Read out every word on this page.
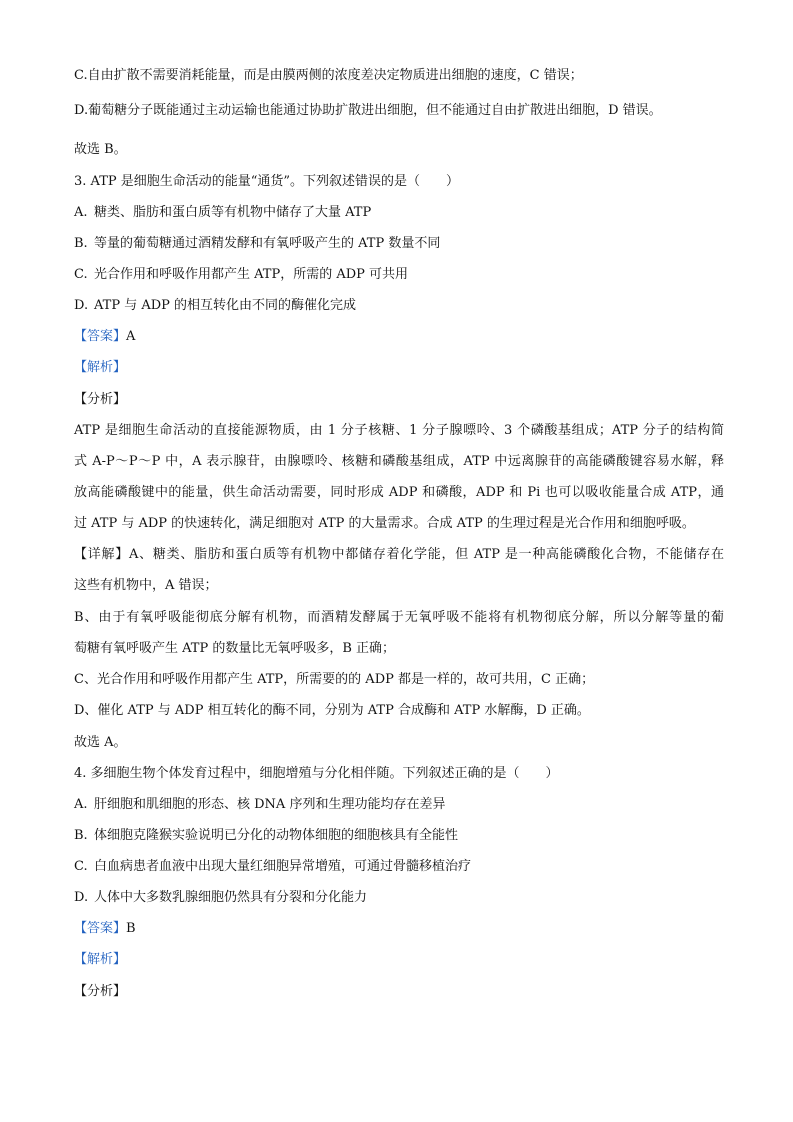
C.自由扩散不需要消耗能量，而是由膜两侧的浓度差决定物质进出细胞的速度，C 错误；
D.葡萄糖分子既能通过主动运输也能通过协助扩散进出细胞，但不能通过自由扩散进出细胞，D 错误。
故选 B。
3. ATP 是细胞生命活动的能量“通货”。下列叙述错误的是（　　）
A. 糖类、脂肪和蛋白质等有机物中储存了大量 ATP
B. 等量的葡萄糖通过酒精发酵和有氧呼吸产生的 ATP 数量不同
C. 光合作用和呼吸作用都产生 ATP，所需的 ADP 可共用
D. ATP 与 ADP 的相互转化由不同的酶催化完成
【答案】A
【解析】
【分析】
ATP 是细胞生命活动的直接能源物质，由 1 分子核糖、1 分子腺嘌呤、3 个磷酸基组成；ATP 分子的结构简
式 A-P～P～P 中，A 表示腺苷，由腺嘌呤、核糖和磷酸基组成，ATP 中远离腺苷的高能磷酸键容易水解，释
放高能磷酸键中的能量，供生命活动需要，同时形成 ADP 和磷酸，ADP 和 Pi 也可以吸收能量合成 ATP，通
过 ATP 与 ADP 的快速转化，满足细胞对 ATP 的大量需求。合成 ATP 的生理过程是光合作用和细胞呼吸。
【详解】A、糖类、脂肪和蛋白质等有机物中都储存着化学能，但 ATP 是一种高能磷酸化合物，不能储存在
这些有机物中，A 错误；
B、由于有氧呼吸能彻底分解有机物，而酒精发酵属于无氧呼吸不能将有机物彻底分解，所以分解等量的葡
萄糖有氧呼吸产生 ATP 的数量比无氧呼吸多，B 正确；
C、光合作用和呼吸作用都产生 ATP，所需要的的 ADP 都是一样的，故可共用，C 正确；
D、催化 ATP 与 ADP 相互转化的酶不同，分别为 ATP 合成酶和 ATP 水解酶，D 正确。
故选 A。
4. 多细胞生物个体发育过程中，细胞增殖与分化相伴随。下列叙述正确的是（　　）
A. 肝细胞和肌细胞的形态、核 DNA 序列和生理功能均存在差异
B. 体细胞克隆猴实验说明已分化的动物体细胞的细胞核具有全能性
C. 白血病患者血液中出现大量红细胞异常增殖，可通过骨髓移植治疗
D. 人体中大多数乳腺细胞仍然具有分裂和分化能力
【答案】B
【解析】
【分析】
